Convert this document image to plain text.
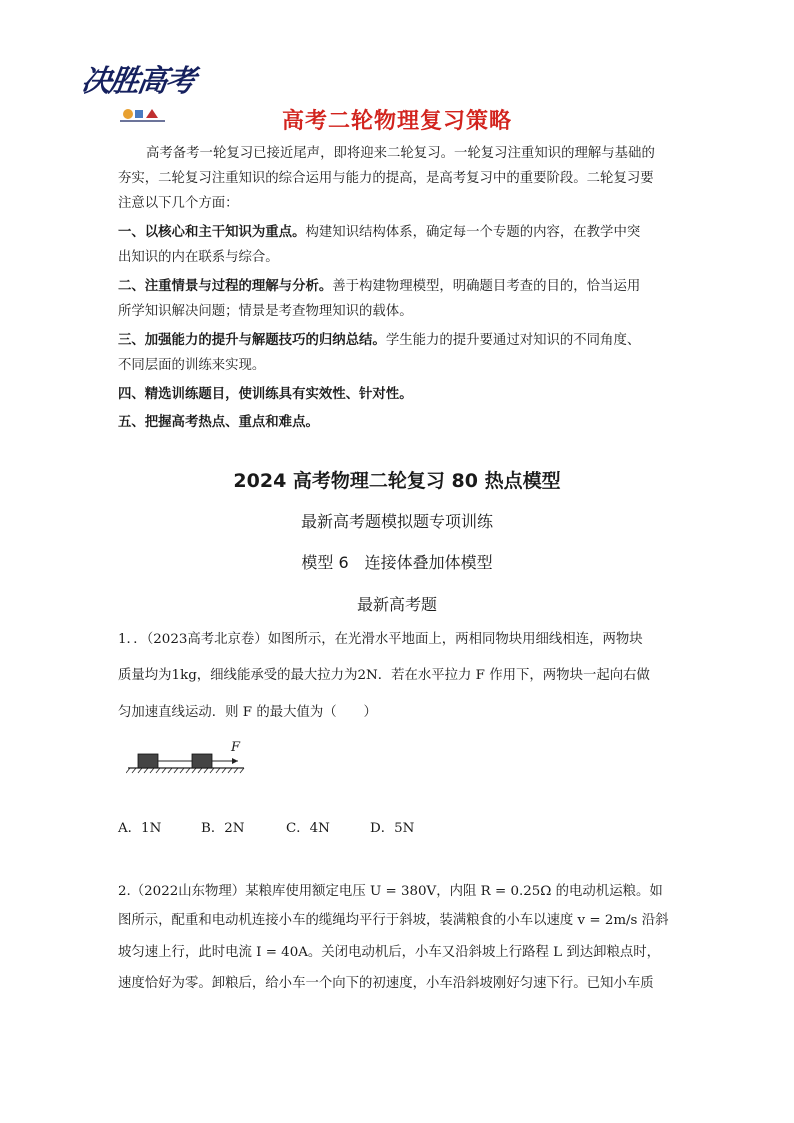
决胜高考
高考二轮物理复习策略
高考备考一轮复习已接近尾声，即将迎来二轮复习。一轮复习注重知识的理解与基础的
夯实，二轮复习注重知识的综合运用与能力的提高，是高考复习中的重要阶段。二轮复习要
注意以下几个方面：
一、以核心和主干知识为重点。构建知识结构体系，确定每一个专题的内容，在教学中突
出知识的内在联系与综合。
二、注重情景与过程的理解与分析。善于构建物理模型，明确题目考查的目的，恰当运用
所学知识解决问题；情景是考查物理知识的载体。
三、加强能力的提升与解题技巧的归纳总结。学生能力的提升要通过对知识的不同角度、
不同层面的训练来实现。
四、精选训练题目，使训练具有实效性、针对性。
五、把握高考热点、重点和难点。
2024 高考物理二轮复习 80 热点模型
最新高考题模拟题专项训练
模型 6　连接体叠加体模型
最新高考题
1．．（2023高考北京卷）如图所示，在光滑水平地面上，两相同物块用细线相连，两物块
质量均为1kg，细线能承受的最大拉力为2N．若在水平拉力 F 作用下，两物块一起向右做
匀加速直线运动．则 F 的最大值为（　　）
F
A．1N	B．2N	C．4N	D．5N
2.（2022山东物理）某粮库使用额定电压 U = 380V，内阻 R = 0.25Ω 的电动机运粮。如
图所示，配重和电动机连接小车的缆绳均平行于斜坡，装满粮食的小车以速度 v = 2m/s 沿斜
坡匀速上行，此时电流 I = 40A。关闭电动机后，小车又沿斜坡上行路程 L 到达卸粮点时，
速度恰好为零。卸粮后，给小车一个向下的初速度，小车沿斜坡刚好匀速下行。已知小车质
